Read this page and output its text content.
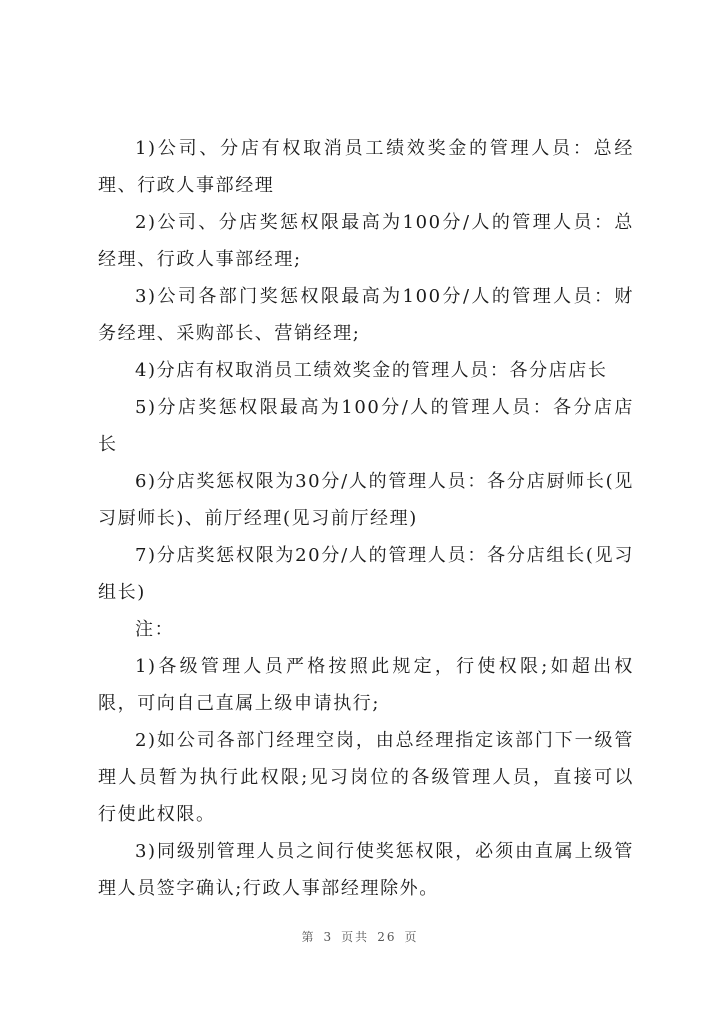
1)公司、分店有权取消员工绩效奖金的管理人员：总经理、行政人事部经理

2)公司、分店奖惩权限最高为100分/人的管理人员：总经理、行政人事部经理;

3)公司各部门奖惩权限最高为100分/人的管理人员：财务经理、采购部长、营销经理;

4)分店有权取消员工绩效奖金的管理人员：各分店店长

5)分店奖惩权限最高为100分/人的管理人员：各分店店长

6)分店奖惩权限为30分/人的管理人员：各分店厨师长(见习厨师长)、前厅经理(见习前厅经理)

7)分店奖惩权限为20分/人的管理人员：各分店组长(见习组长)

注：

1)各级管理人员严格按照此规定，行使权限;如超出权限，可向自己直属上级申请执行;

2)如公司各部门经理空岗，由总经理指定该部门下一级管理人员暂为执行此权限;见习岗位的各级管理人员，直接可以行使此权限。

3)同级别管理人员之间行使奖惩权限，必须由直属上级管理人员签字确认;行政人事部经理除外。

第 3 页共 26 页
